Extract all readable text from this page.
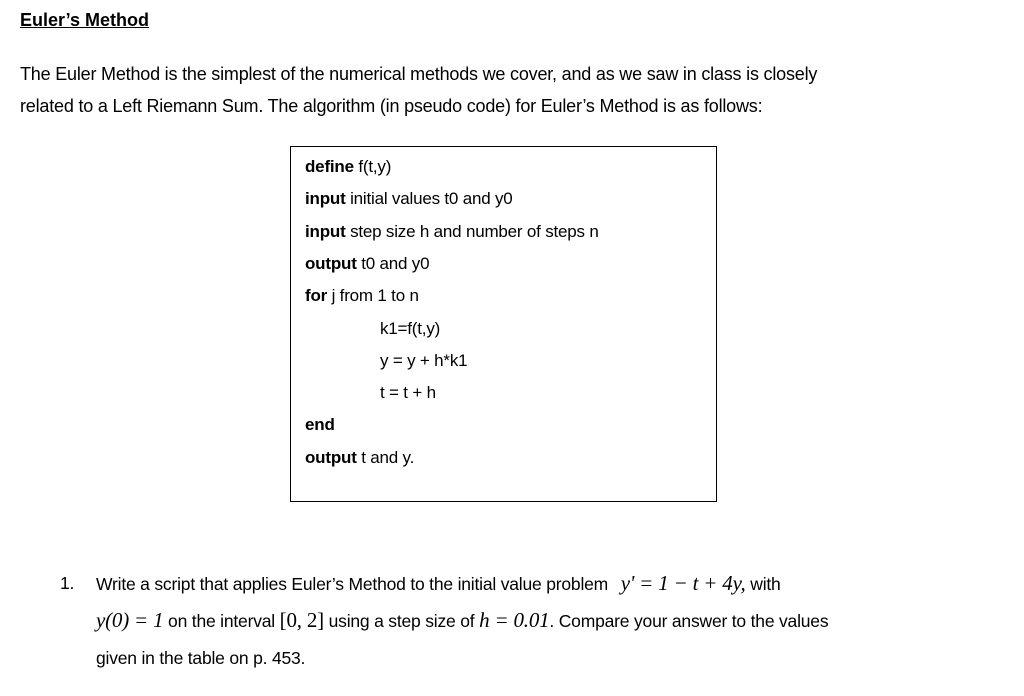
Euler’s Method
The Euler Method is the simplest of the numerical methods we cover, and as we saw in class is closely
related to a Left Riemann Sum. The algorithm (in pseudo code) for Euler’s Method is as follows:
define f(t,y)
input initial values t0 and y0
input step size h and number of steps n
output t0 and y0
for j from 1 to n
k1=f(t,y)
y = y + h*k1
t = t + h
end
output t and y.
1. Write a script that applies Euler’s Method to the initial value problem y' = 1 − t + 4y, with
y(0) = 1 on the interval [0, 2] using a step size of h = 0.01. Compare your answer to the values
given in the table on p. 453.
